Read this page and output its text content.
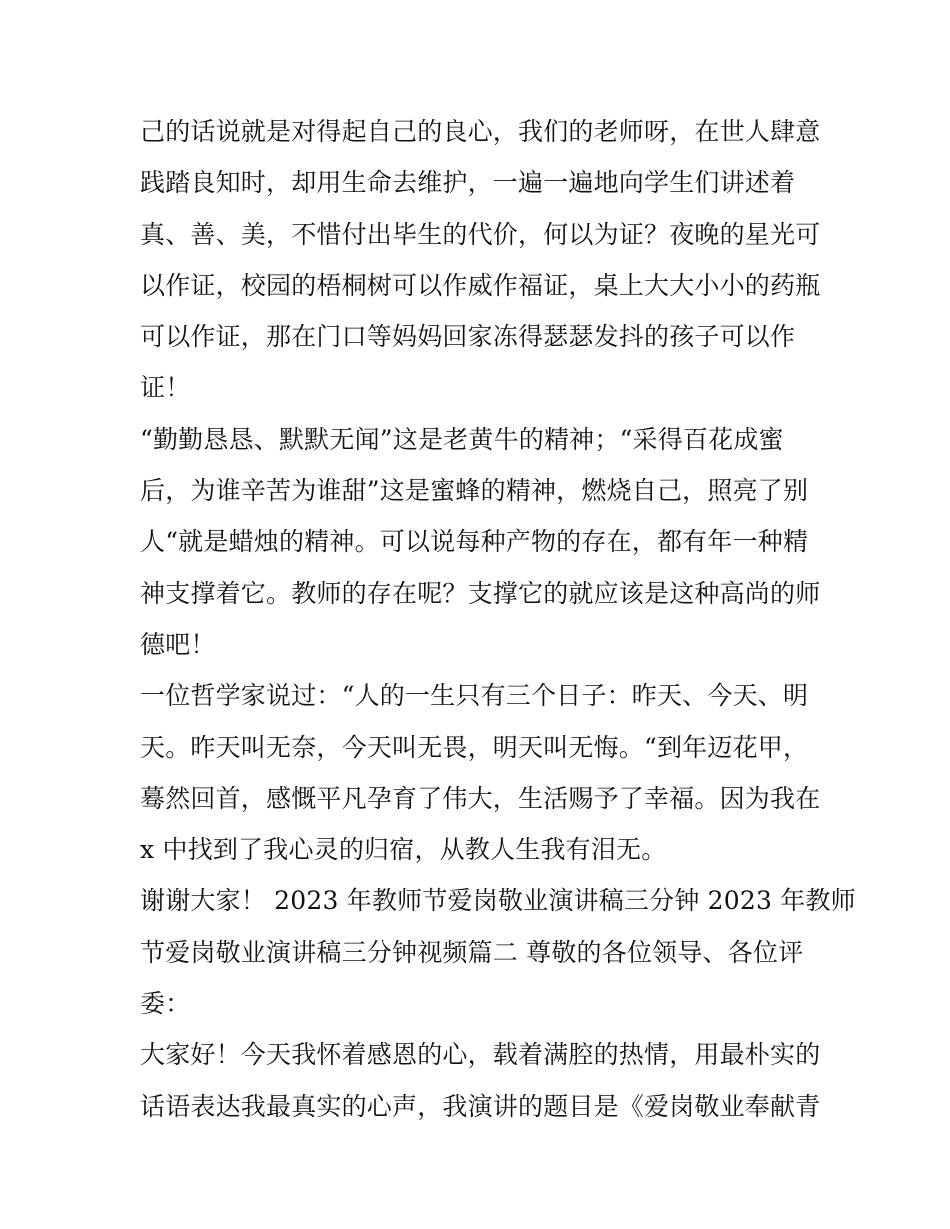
己的话说就是对得起自己的良心，我们的老师呀，在世人肆意
践踏良知时，却用生命去维护，一遍一遍地向学生们讲述着
真、善、美，不惜付出毕生的代价，何以为证？夜晚的星光可
以作证，校园的梧桐树可以作威作福证，桌上大大小小的药瓶
可以作证，那在门口等妈妈回家冻得瑟瑟发抖的孩子可以作
证！
“勤勤恳恳、默默无闻”这是老黄牛的精神；“采得百花成蜜
后，为谁辛苦为谁甜”这是蜜蜂的精神，燃烧自己，照亮了别
人“就是蜡烛的精神。可以说每种产物的存在，都有年一种精
神支撑着它。教师的存在呢？支撑它的就应该是这种高尚的师
德吧！
一位哲学家说过：“人的一生只有三个日子：昨天、今天、明
天。昨天叫无奈，今天叫无畏，明天叫无悔。“到年迈花甲，
蓦然回首，感慨平凡孕育了伟大，生活赐予了幸福。因为我在
x 中找到了我心灵的归宿，从教人生我有泪无。
谢谢大家！ 2023 年教师节爱岗敬业演讲稿三分钟 2023 年教师
节爱岗敬业演讲稿三分钟视频篇二 尊敬的各位领导、各位评
委：
大家好！今天我怀着感恩的心，载着满腔的热情，用最朴实的
话语表达我最真实的心声，我演讲的题目是《爱岗敬业奉献青
